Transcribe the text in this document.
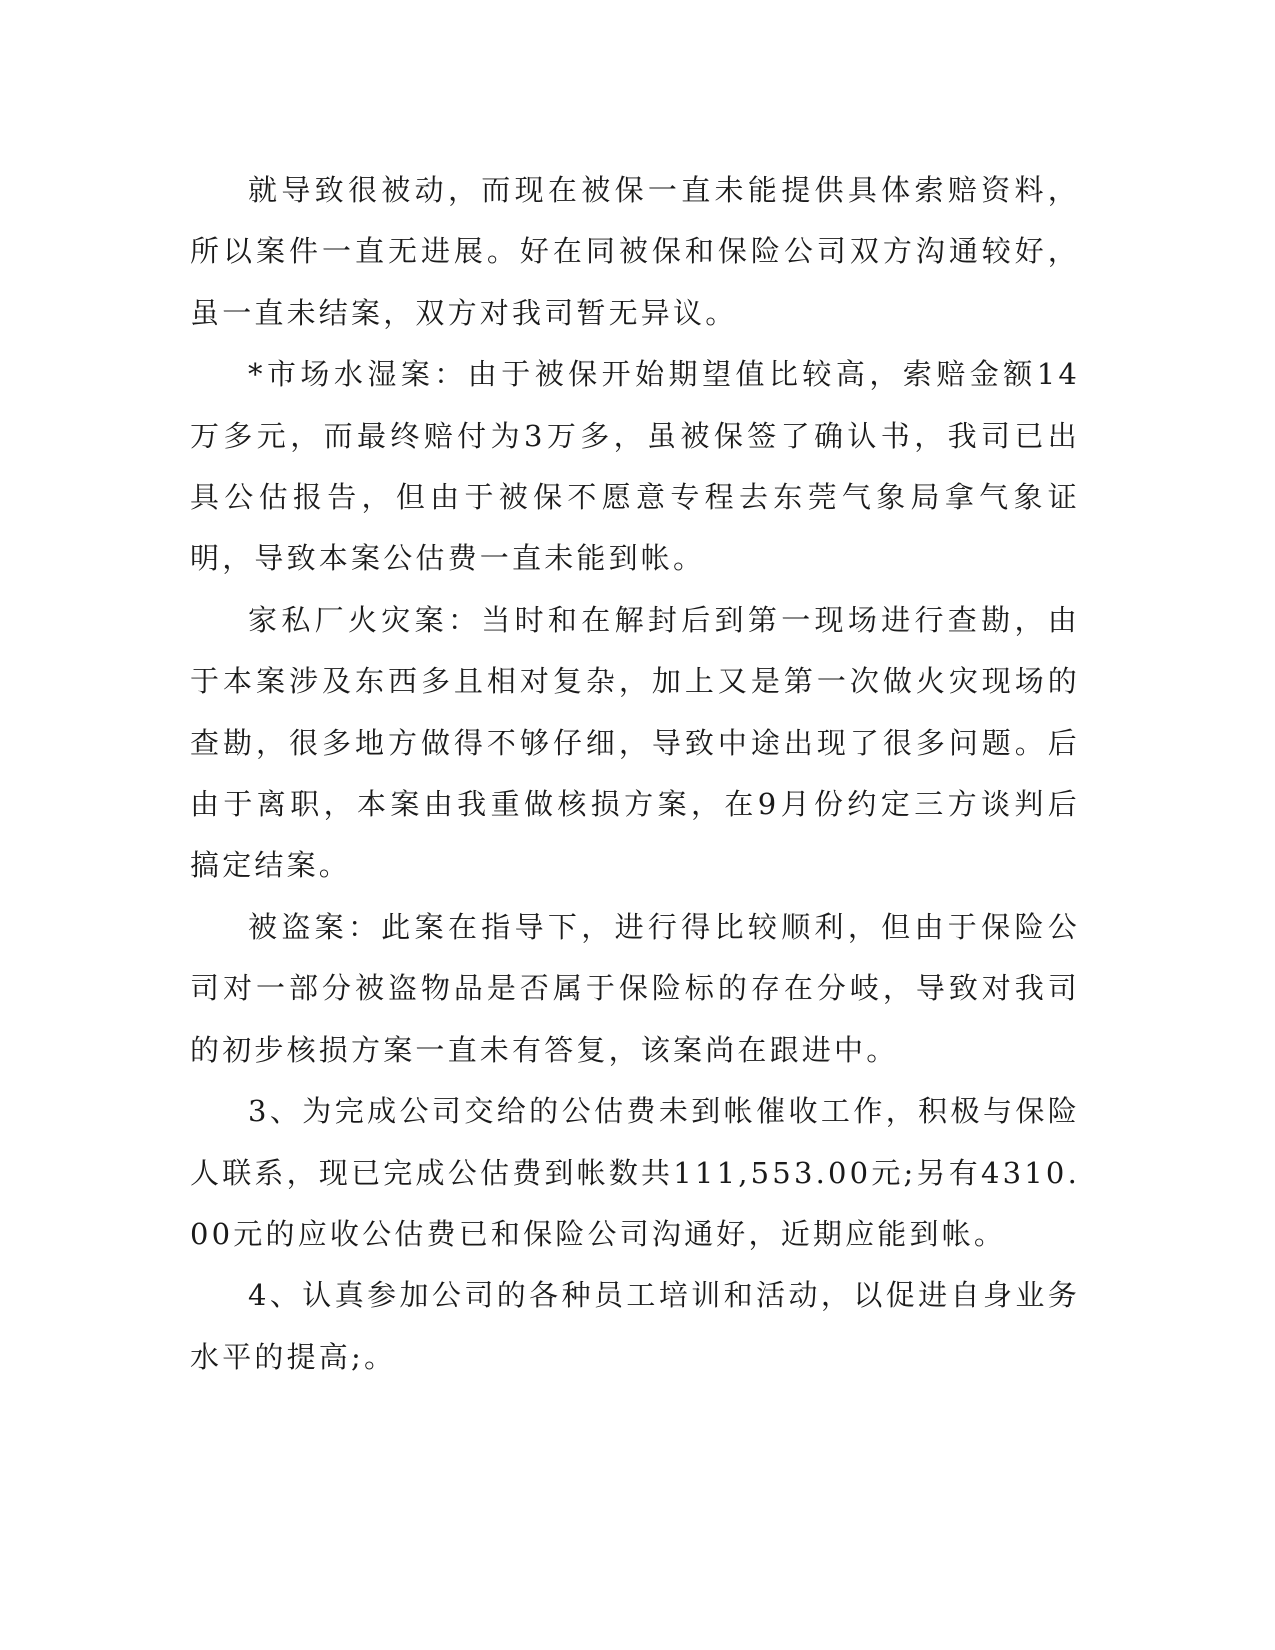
就导致很被动，而现在被保一直未能提供具体索赔资料，所以案件一直无进展。好在同被保和保险公司双方沟通较好，虽一直未结案，双方对我司暂无异议。

*市场水湿案：由于被保开始期望值比较高，索赔金额14万多元，而最终赔付为3万多，虽被保签了确认书，我司已出具公估报告，但由于被保不愿意专程去东莞气象局拿气象证明，导致本案公估费一直未能到帐。

家私厂火灾案：当时和在解封后到第一现场进行查勘，由于本案涉及东西多且相对复杂，加上又是第一次做火灾现场的查勘，很多地方做得不够仔细，导致中途出现了很多问题。后由于离职，本案由我重做核损方案，在9月份约定三方谈判后搞定结案。

被盗案：此案在指导下，进行得比较顺利，但由于保险公司对一部分被盗物品是否属于保险标的存在分岐，导致对我司的初步核损方案一直未有答复，该案尚在跟进中。

3、为完成公司交给的公估费未到帐催收工作，积极与保险人联系，现已完成公估费到帐数共111,553.00元;另有4310.00元的应收公估费已和保险公司沟通好，近期应能到帐。

4、认真参加公司的各种员工培训和活动，以促进自身业务水平的提高;。
